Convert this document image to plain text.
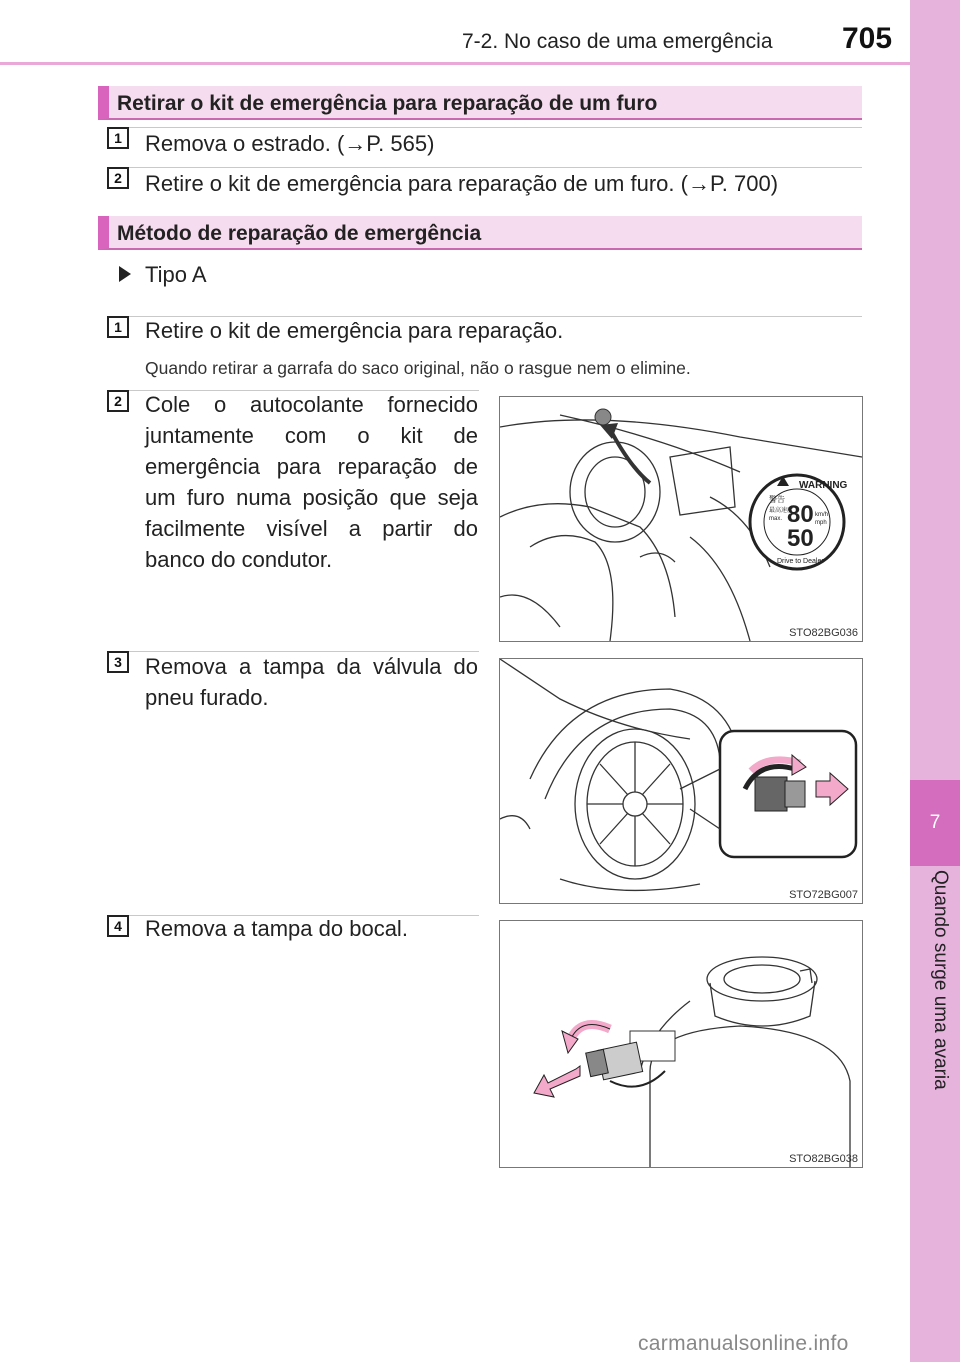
7-2. No caso de uma emergência 705
7
Quando surge uma avaria
Retirar o kit de emergência para reparação de um furo
1	Remova o estrado. (→P. 565)
2	Retire o kit de emergência para reparação de um furo. (→P. 700)
Método de reparação de emergência
Tipo A
1	Retire o kit de emergência para reparação.
Quando retirar a garrafa do saco original, não o rasgue nem o elimine.
2	Cole o autocolante fornecido juntamente com o kit de emergência para reparação de um furo numa posição que seja facilmente visível a partir do banco do condutor.
3	Remova a tampa da válvula do pneu furado.
4	Remova a tampa do bocal.
警告
WARNING
80
50
km/h
mph
max.
最高速度
Drive to Dealer
STO82BG036
STO72BG007
STO82BG038
carmanualsonline.info
